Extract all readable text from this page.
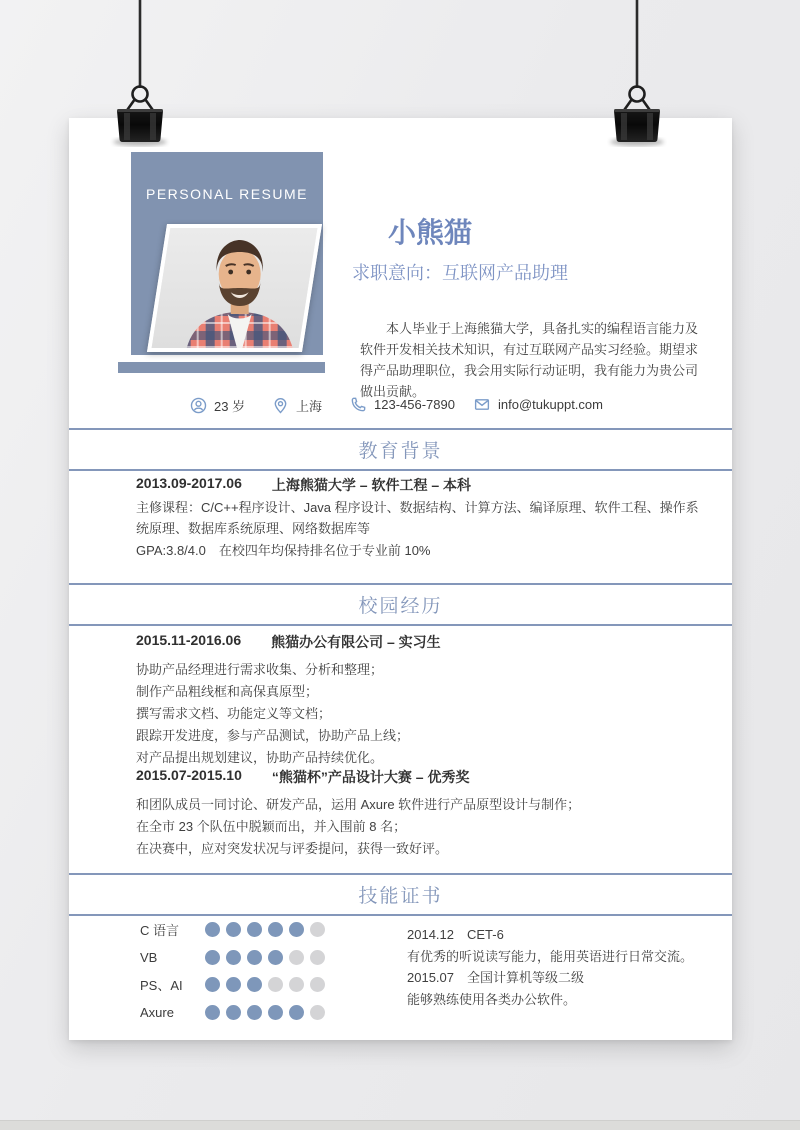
PERSONAL RESUME
小熊猫
求职意向：互联网产品助理
本人毕业于上海熊猫大学，具备扎实的编程语言能力及软件开发相关技术知识，有过互联网产品实习经验。期望求得产品助理职位，我会用实际行动证明，我有能力为贵公司做出贡献。
23 岁	上海	123-456-7890	info@tukuppt.com
教育背景
2013.09-2017.06 上海熊猫大学 – 软件工程 – 本科
主修课程：C/C++程序设计、Java 程序设计、数据结构、计算方法、编译原理、软件工程、操作系统原理、数据库系统原理、网络数据库等
GPA:3.8/4.0　在校四年均保持排名位于专业前 10%
校园经历
2015.11-2016.06 熊猫办公有限公司 – 实习生
协助产品经理进行需求收集、分析和整理；
制作产品粗线框和高保真原型；
撰写需求文档、功能定义等文档；
跟踪开发进度，参与产品测试，协助产品上线；
对产品提出规划建议，协助产品持续优化。
2015.07-2015.10 “熊猫杯”产品设计大赛 – 优秀奖
和团队成员一同讨论、研发产品，运用 Axure 软件进行产品原型设计与制作；
在全市 23 个队伍中脱颖而出，并入围前 8 名；
在决赛中，应对突发状况与评委提问，获得一致好评。
技能证书
C 语言
VB
PS、AI
Axure
2014.12　CET-6
有优秀的听说读写能力，能用英语进行日常交流。
2015.07　全国计算机等级二级
能够熟练使用各类办公软件。
